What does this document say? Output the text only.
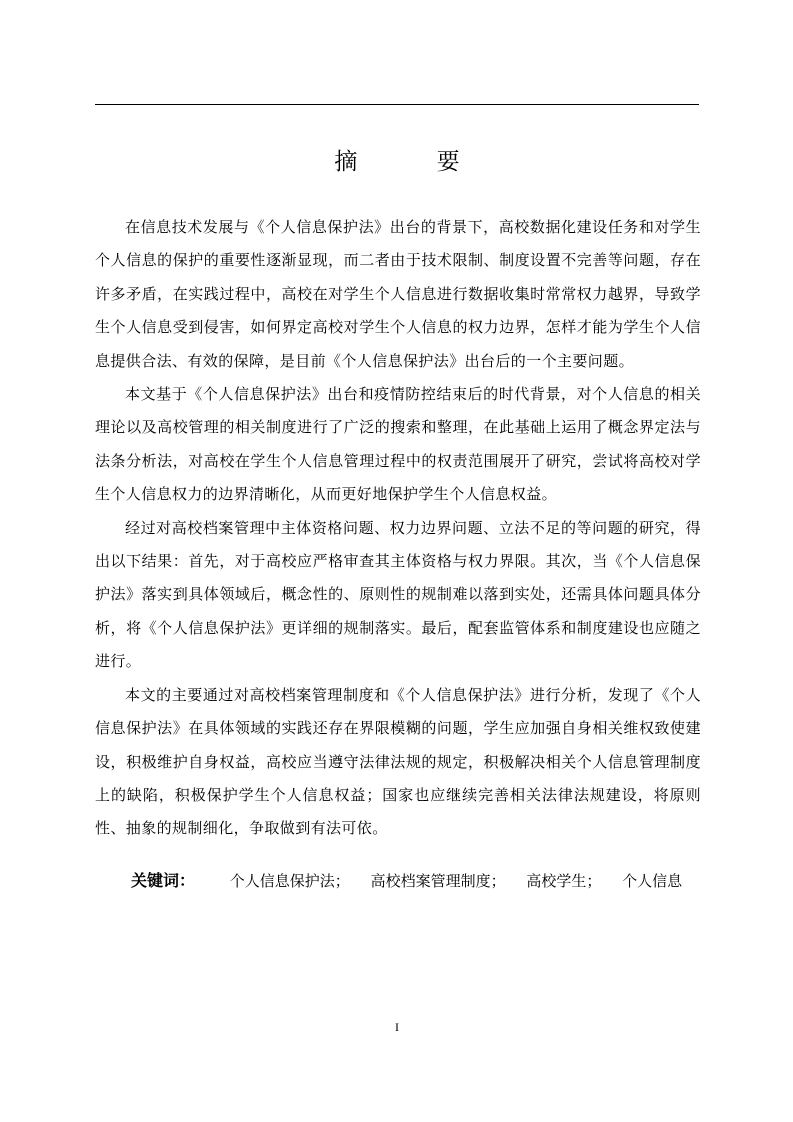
摘 要

在信息技术发展与《个人信息保护法》出台的背景下，高校数据化建设任务和对学生个人信息的保护的重要性逐渐显现，而二者由于技术限制、制度设置不完善等问题，存在许多矛盾，在实践过程中，高校在对学生个人信息进行数据收集时常常权力越界，导致学生个人信息受到侵害，如何界定高校对学生个人信息的权力边界，怎样才能为学生个人信息提供合法、有效的保障，是目前《个人信息保护法》出台后的一个主要问题。

本文基于《个人信息保护法》出台和疫情防控结束后的时代背景，对个人信息的相关理论以及高校管理的相关制度进行了广泛的搜索和整理，在此基础上运用了概念界定法与法条分析法，对高校在学生个人信息管理过程中的权责范围展开了研究，尝试将高校对学生个人信息权力的边界清晰化，从而更好地保护学生个人信息权益。

经过对高校档案管理中主体资格问题、权力边界问题、立法不足的等问题的研究，得出以下结果：首先，对于高校应严格审查其主体资格与权力界限。其次，当《个人信息保护法》落实到具体领域后，概念性的、原则性的规制难以落到实处，还需具体问题具体分析，将《个人信息保护法》更详细的规制落实。最后，配套监管体系和制度建设也应随之进行。

本文的主要通过对高校档案管理制度和《个人信息保护法》进行分析，发现了《个人信息保护法》在具体领域的实践还存在界限模糊的问题，学生应加强自身相关维权致使建设，积极维护自身权益，高校应当遵守法律法规的规定，积极解决相关个人信息管理制度上的缺陷，积极保护学生个人信息权益；国家也应继续完善相关法律法规建设，将原则性、抽象的规制细化，争取做到有法可依。

关键词： 个人信息保护法； 高校档案管理制度； 高校学生； 个人信息
I
